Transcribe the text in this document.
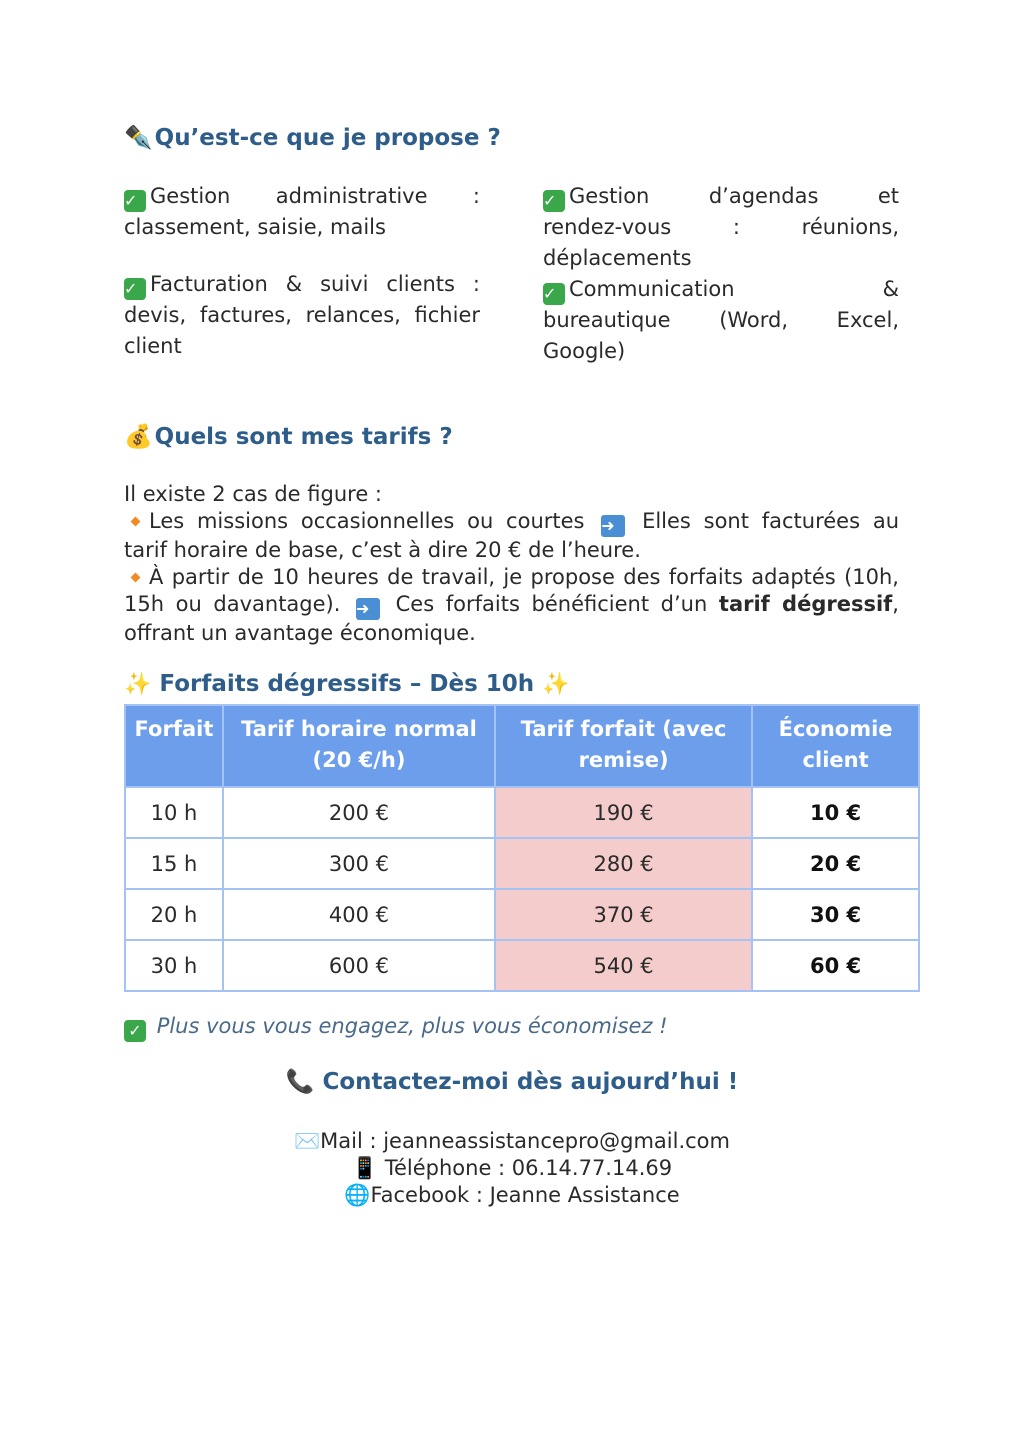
✒️Qu’est-ce que je propose ?

✓ Gestion administrative :

classement, saisie, mails

✓ Facturation & suivi clients :

devis, factures, relances, fichier

client

✓ Gestion d’agendas et

rendez-vous : réunions,

déplacements

✓ Communication &

bureautique (Word, Excel,

Google)

💰Quels sont mes tarifs ?
Il existe 2 cas de figure :
Les missions occasionnelles ou courtes ➜ Elles sont facturées au
tarif horaire de base, c’est à dire 20 € de l’heure.
À partir de 10 heures de travail, je propose des forfaits adaptés (10h,
15h ou davantage). ➜ Ces forfaits bénéficient d’un tarif dégressif,
offrant un avantage économique.
✨ Forfaits dégressifs – Dès 10h ✨
Forfait	Tarif horaire normal (20 €/h)	Tarif forfait (avec remise)	Économie client
10 h	200 €	190 €	10 €
15 h	300 €	280 €	20 €
20 h	400 €	370 €	30 €
30 h	600 €	540 €	60 €
✓ Plus vous vous engagez, plus vous économisez !
📞 Contactez-moi dès aujourd’hui !
✉️Mail : jeanneassistancepro@gmail.com
📱 Téléphone : 06.14.77.14.69
🌐Facebook : Jeanne Assistance
